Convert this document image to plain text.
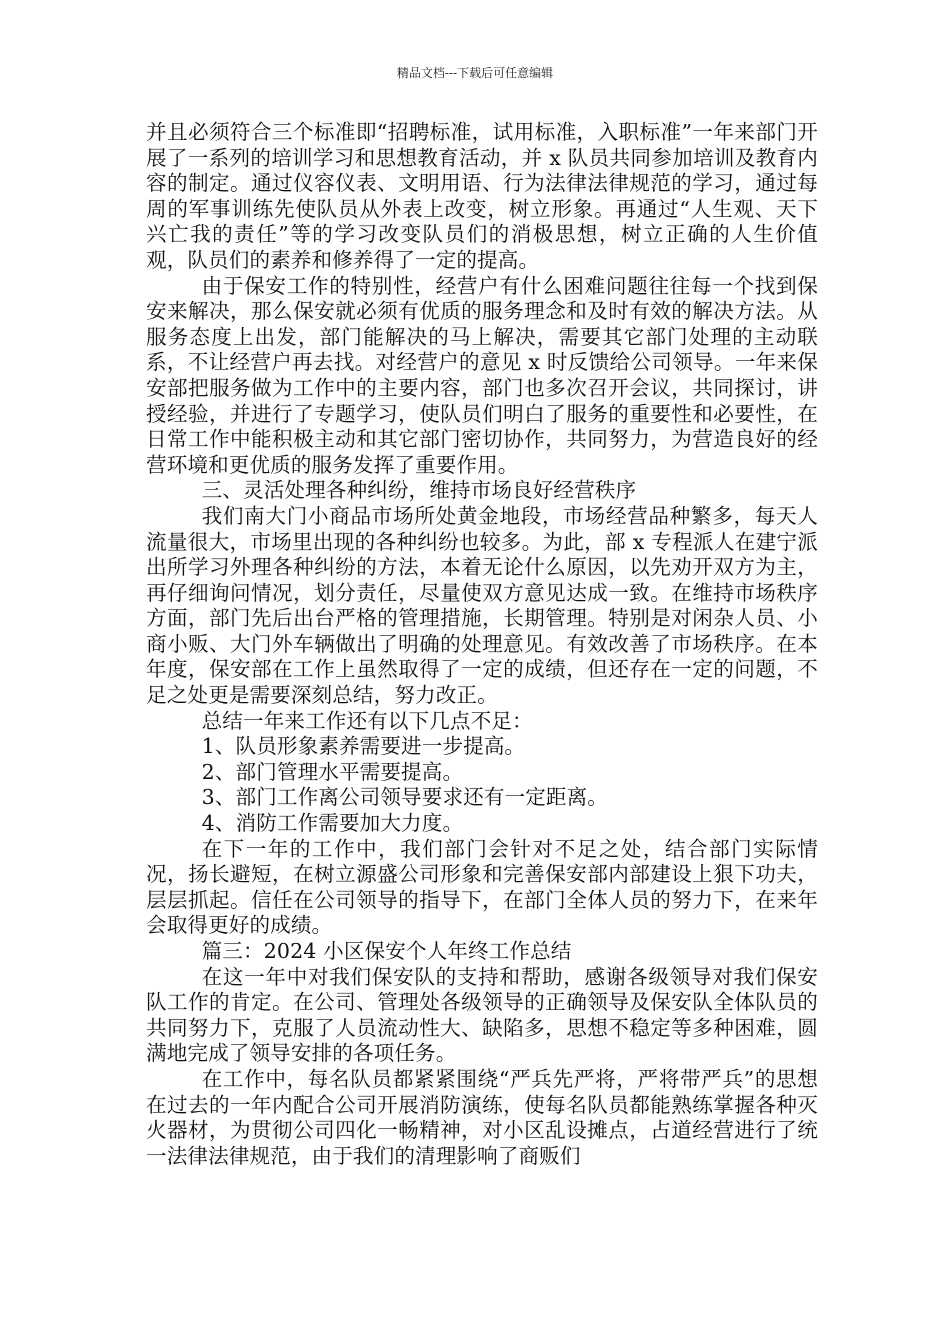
精品文档---下载后可任意编辑

并且必须符合三个标准即“招聘标准，试用标准，入职标准”一年来部门开展了一系列的培训学习和思想教育活动，并 x 队员共同参加培训及教育内容的制定。通过仪容仪表、文明用语、行为法律法律规范的学习，通过每周的军事训练先使队员从外表上改变，树立形象。再通过“人生观、天下兴亡我的责任”等的学习改变队员们的消极思想，树立正确的人生价值观，队员们的素养和修养得了一定的提高。

由于保安工作的特别性，经营户有什么困难问题往往每一个找到保安来解决，那么保安就必须有优质的服务理念和及时有效的解决方法。从服务态度上出发，部门能解决的马上解决，需要其它部门处理的主动联系，不让经营户再去找。对经营户的意见 x 时反馈给公司领导。一年来保安部把服务做为工作中的主要内容，部门也多次召开会议，共同探讨，讲授经验，并进行了专题学习，使队员们明白了服务的重要性和必要性，在日常工作中能积极主动和其它部门密切协作，共同努力，为营造良好的经营环境和更优质的服务发挥了重要作用。

三、灵活处理各种纠纷，维持市场良好经营秩序

我们南大门小商品市场所处黄金地段，市场经营品种繁多，每天人流量很大，市场里出现的各种纠纷也较多。为此，部 x 专程派人在建宁派出所学习外理各种纠纷的方法，本着无论什么原因，以先劝开双方为主，再仔细询问情况，划分责任，尽量使双方意见达成一致。在维持市场秩序方面，部门先后出台严格的管理措施，长期管理。特别是对闲杂人员、小商小贩、大门外车辆做出了明确的处理意见。有效改善了市场秩序。在本年度，保安部在工作上虽然取得了一定的成绩，但还存在一定的问题，不足之处更是需要深刻总结，努力改正。

总结一年来工作还有以下几点不足：

1、队员形象素养需要进一步提高。

2、部门管理水平需要提高。

3、部门工作离公司领导要求还有一定距离。

4、消防工作需要加大力度。

在下一年的工作中，我们部门会针对不足之处，结合部门实际情况，扬长避短，在树立源盛公司形象和完善保安部内部建设上狠下功夫，层层抓起。信任在公司领导的指导下，在部门全体人员的努力下，在来年会取得更好的成绩。

篇三：2024 小区保安个人年终工作总结

在这一年中对我们保安队的支持和帮助，感谢各级领导对我们保安队工作的肯定。在公司、管理处各级领导的正确领导及保安队全体队员的共同努力下，克服了人员流动性大、缺陷多，思想不稳定等多种困难，圆满地完成了领导安排的各项任务。

在工作中，每名队员都紧紧围绕“严兵先严将，严将带严兵”的思想在过去的一年内配合公司开展消防演练，使每名队员都能熟练掌握各种灭火器材，为贯彻公司四化一畅精神，对小区乱设摊点，占道经营进行了统一法律法律规范，由于我们的清理影响了商贩们
